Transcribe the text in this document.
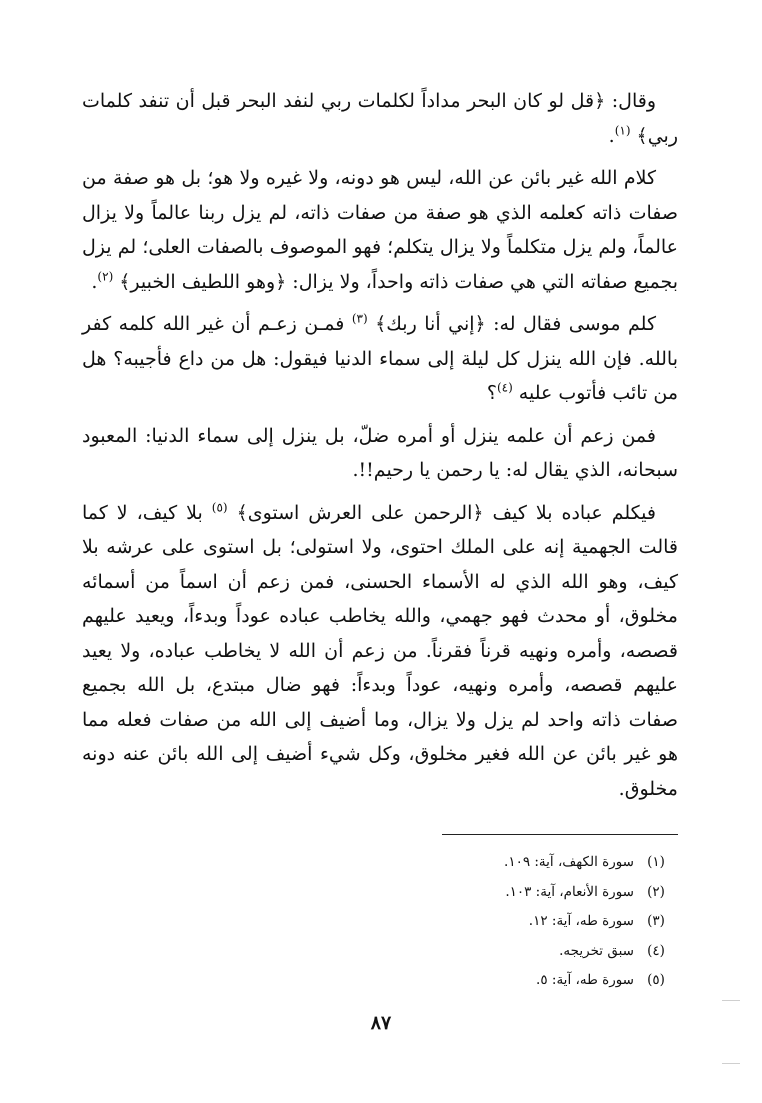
وقال: ﴿قل لو كان البحر مداداً لكلمات ربي لنفد البحر قبل أن تنفد كلمات ربي﴾ $^{(١)}$.

كلام الله غير بائن عن الله، ليس هو دونه، ولا غيره ولا هو؛ بل هو صفة من صفات ذاته كعلمه الذي هو صفة من صفات ذاته، لم يزل ربنا عالماً ولا يزال عالماً، ولم يزل متكلماً ولا يزال يتكلم؛ فهو الموصوف بالصفات العلى؛ لم يزل بجميع صفاته التي هي صفات ذاته واحداً، ولا يزال: ﴿وهو اللطيف الخبير﴾ $^{(٢)}$.

كلم موسى فقال له: ﴿إني أنا ربك﴾ $^{(٣)}$ فمـن زعـم أن غير الله كلمه كفر بالله. فإن الله ينزل كل ليلة إلى سماء الدنيا فيقول: هل من داع فأجيبه؟ هل من تائب فأتوب عليه $^{(٤)}$؟

فمن زعم أن علمه ينزل أو أمره ضلّ، بل ينزل إلى سماء الدنيا: المعبود سبحانه، الذي يقال له: يا رحمن يا رحيم!!.

فيكلم عباده بلا كيف ﴿الرحمن على العرش استوى﴾ $^{(٥)}$ بلا كيف، لا كما قالت الجهمية إنه على الملك احتوى، ولا استولى؛ بل استوى على عرشه بلا كيف، وهو الله الذي له الأسماء الحسنى، فمن زعم أن اسماً من أسمائه مخلوق، أو محدث فهو جهمي، والله يخاطب عباده عوداً وبدءاً، ويعيد عليهم قصصه، وأمره ونهيه قرناً فقرناً. من زعم أن الله لا يخاطب عباده، ولا يعيد عليهم قصصه، وأمره ونهيه، عوداً وبدءاً: فهو ضال مبتدع، بل الله بجميع صفات ذاته واحد لم يزل ولا يزال، وما أضيف إلى الله من صفات فعله مما هو غير بائن عن الله فغير مخلوق، وكل شيء أضيف إلى الله بائن عنه دونه مخلوق.

(١)
سورة الكهف، آية: ١٠٩.
(٢)
سورة الأنعام، آية: ١٠٣.
(٣)
سورة طه، آية: ١٢.
(٤)
سبق تخريجه.
(٥)
سورة طه، آية: ٥.
٨٧
